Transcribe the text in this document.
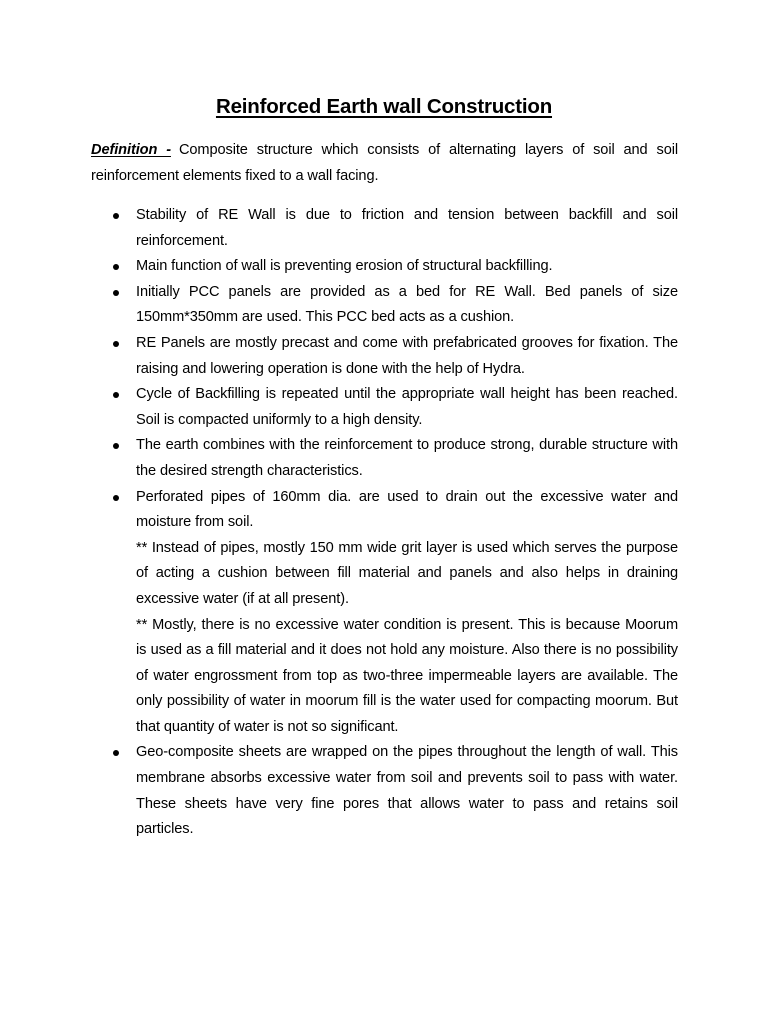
Reinforced Earth wall Construction
Definition - Composite structure which consists of alternating layers of soil and soil reinforcement elements fixed to a wall facing.
Stability of RE Wall is due to friction and tension between backfill and soil reinforcement.
Main function of wall is preventing erosion of structural backfilling.
Initially PCC panels are provided as a bed for RE Wall. Bed panels of size 150mm*350mm are used. This PCC bed acts as a cushion.
RE Panels are mostly precast and come with prefabricated grooves for fixation. The raising and lowering operation is done with the help of Hydra.
Cycle of Backfilling is repeated until the appropriate wall height has been reached. Soil is compacted uniformly to a high density.
The earth combines with the reinforcement to produce strong, durable structure with the desired strength characteristics.
Perforated pipes of 160mm dia. are used to drain out the excessive water and moisture from soil.
** Instead of pipes, mostly 150 mm wide grit layer is used which serves the purpose of acting a cushion between fill material and panels and also helps in draining excessive water (if at all present).
** Mostly, there is no excessive water condition is present. This is because Moorum is used as a fill material and it does not hold any moisture. Also there is no possibility of water engrossment from top as two-three impermeable layers are available. The only possibility of water in moorum fill is the water used for compacting moorum. But that quantity of water is not so significant.
Geo-composite sheets are wrapped on the pipes throughout the length of wall. This membrane absorbs excessive water from soil and prevents soil to pass with water. These sheets have very fine pores that allows water to pass and retains soil particles.
